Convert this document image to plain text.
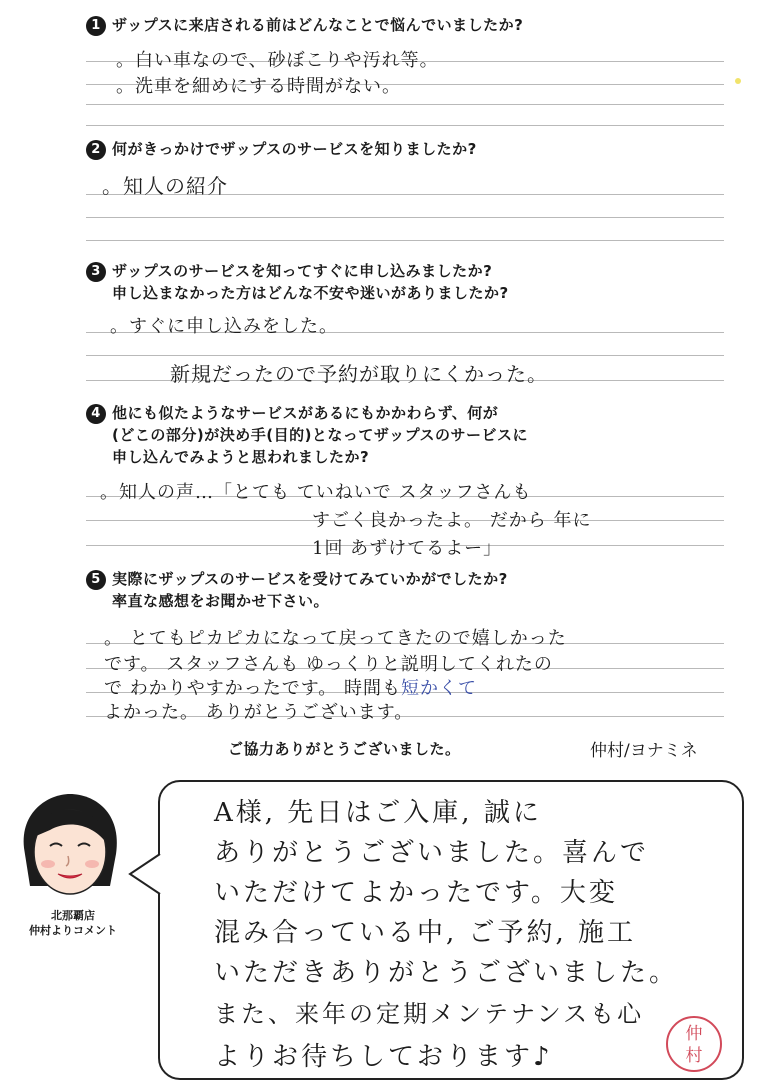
1 ザップスに来店される前はどんなことで悩んでいましたか?
。白い車なので、砂ぼこりや汚れ等。
。洗車を細めにする時間がない。
2 何がきっかけでザップスのサービスを知りましたか?
。知人の紹介
3 ザップスのサービスを知ってすぐに申し込みましたか?
申し込まなかった方はどんな不安や迷いがありましたか?
。すぐに申し込みをした。
新規だったので予約が取りにくかった。
4 他にも似たようなサービスがあるにもかかわらず、何が
(どこの部分)が決め手(目的)となってザップスのサービスに
申し込んでみようと思われましたか?
。知人の声…「とても ていねいで スタッフさんも
すごく良かったよ。 だから 年に
1回 あずけてるよー」
5 実際にザップスのサービスを受けてみていかがでしたか?
率直な感想をお聞かせ下さい。
。 とてもピカピカになって戻ってきたので嬉しかった
です。 スタッフさんも ゆっくりと説明してくれたの
で わかりやすかったです。 時間も短かくて
よかった。 ありがとうございます。
ご協力ありがとうございました。	仲村/ヨナミネ
北那覇店
仲村よりコメント
A様, 先日はご入庫, 誠に
ありがとうございました。喜んで
いただけてよかったです。大変
混み合っている中, ご予約, 施工
いただきありがとうございました。
また、来年の定期メンテナンスも心
よりお待ちしております♪
仲
村
